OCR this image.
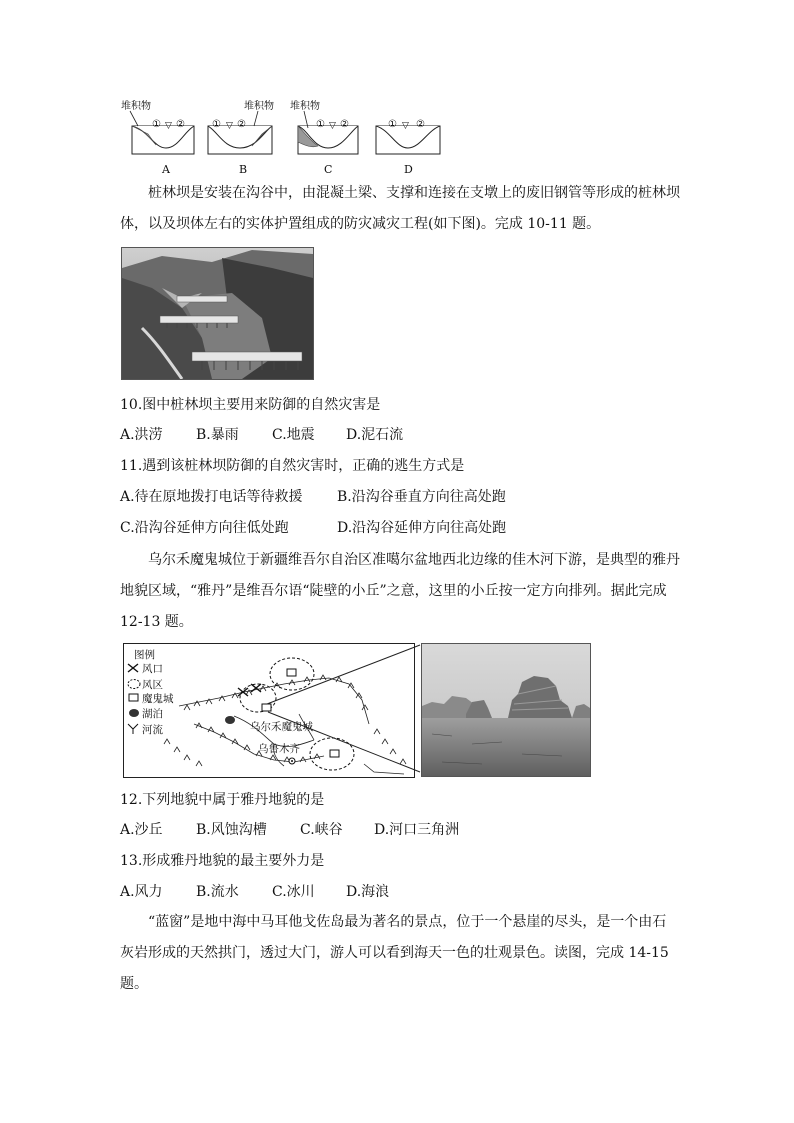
堆积物
① ▽ ②
A
堆积物
① ▽ ②
B
堆积物
① ▽ ②
C
① ▽ ②
D
桩林坝是安装在沟谷中，由混凝土梁、支撑和连接在支墩上的废旧钢管等形成的桩林坝体，以及坝体左右的实体护置组成的防灾减灾工程(如下图)。完成 10-11 题。
10.图中桩林坝主要用来防御的自然灾害是
A.洪涝 B.暴雨 C.地震 D.泥石流
11.遇到该桩林坝防御的自然灾害时，正确的逃生方式是
A.待在原地拨打电话等待救援 B.沿沟谷垂直方向往高处跑
C.沿沟谷延伸方向往低处跑	D.沿沟谷延伸方向往高处跑
乌尔禾魔鬼城位于新疆维吾尔自治区准噶尔盆地西北边缘的佳木河下游，是典型的雅丹地貌区域，“雅丹”是维吾尔语“陡壁的小丘”之意，这里的小丘按一定方向排列。据此完成 12-13 题。
图例
风口
风区
魔鬼城
湖泊
河流	乌尔禾魔鬼城
乌鲁木齐
12.下列地貌中属于雅丹地貌的是
A.沙丘 B.风蚀沟槽 C.峡谷 D.河口三角洲
13.形成雅丹地貌的最主要外力是
A.风力 B.流水 C.冰川 D.海浪
“蓝窗”是地中海中马耳他戈佐岛最为著名的景点，位于一个悬崖的尽头，是一个由石灰岩形成的天然拱门，透过大门，游人可以看到海天一色的壮观景色。读图，完成 14-15 题。
